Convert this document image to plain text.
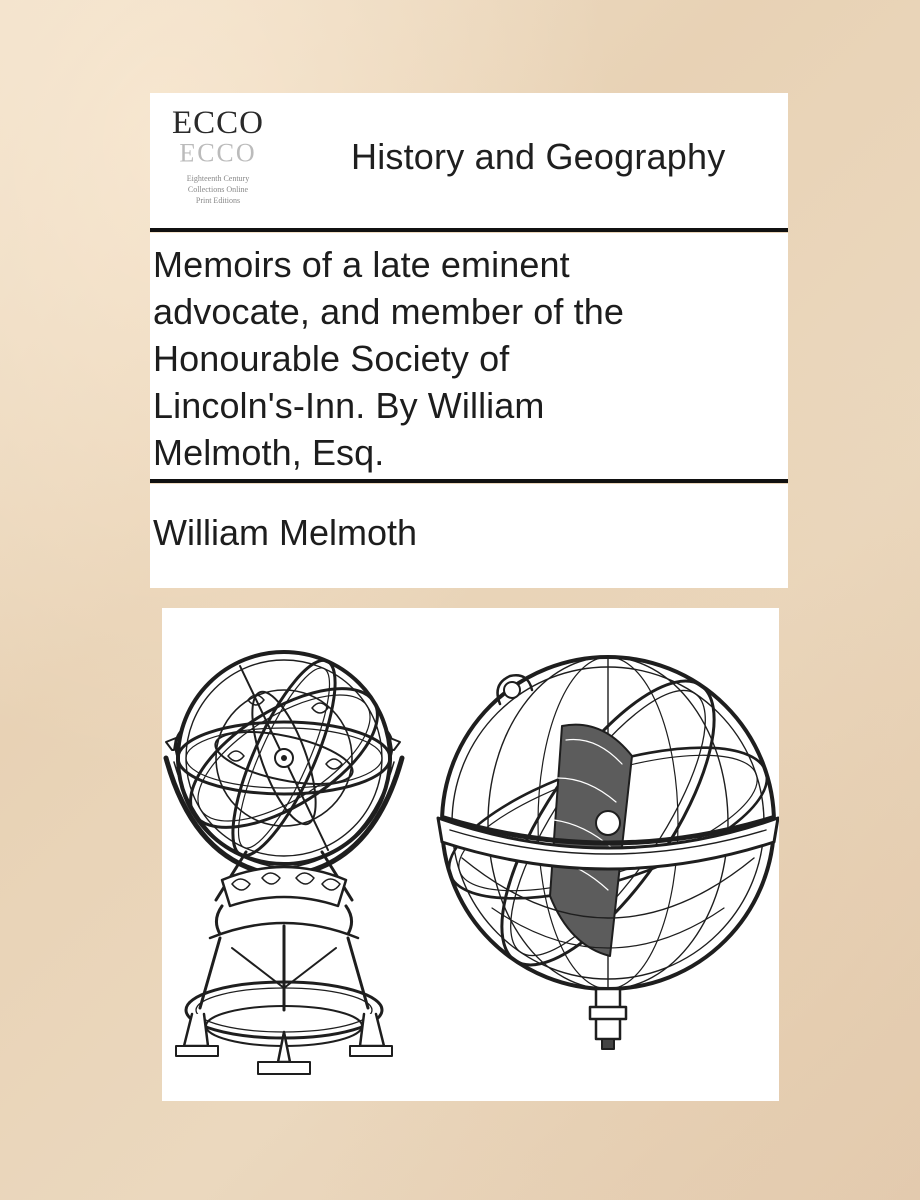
ECCO
ECCO
Eighteenth Century
Collections Online
Print Editions
History and Geography
Memoirs of a late eminent
advocate, and member of the
Honourable Society of
Lincoln's-Inn. By William
Melmoth, Esq.

William Melmoth
